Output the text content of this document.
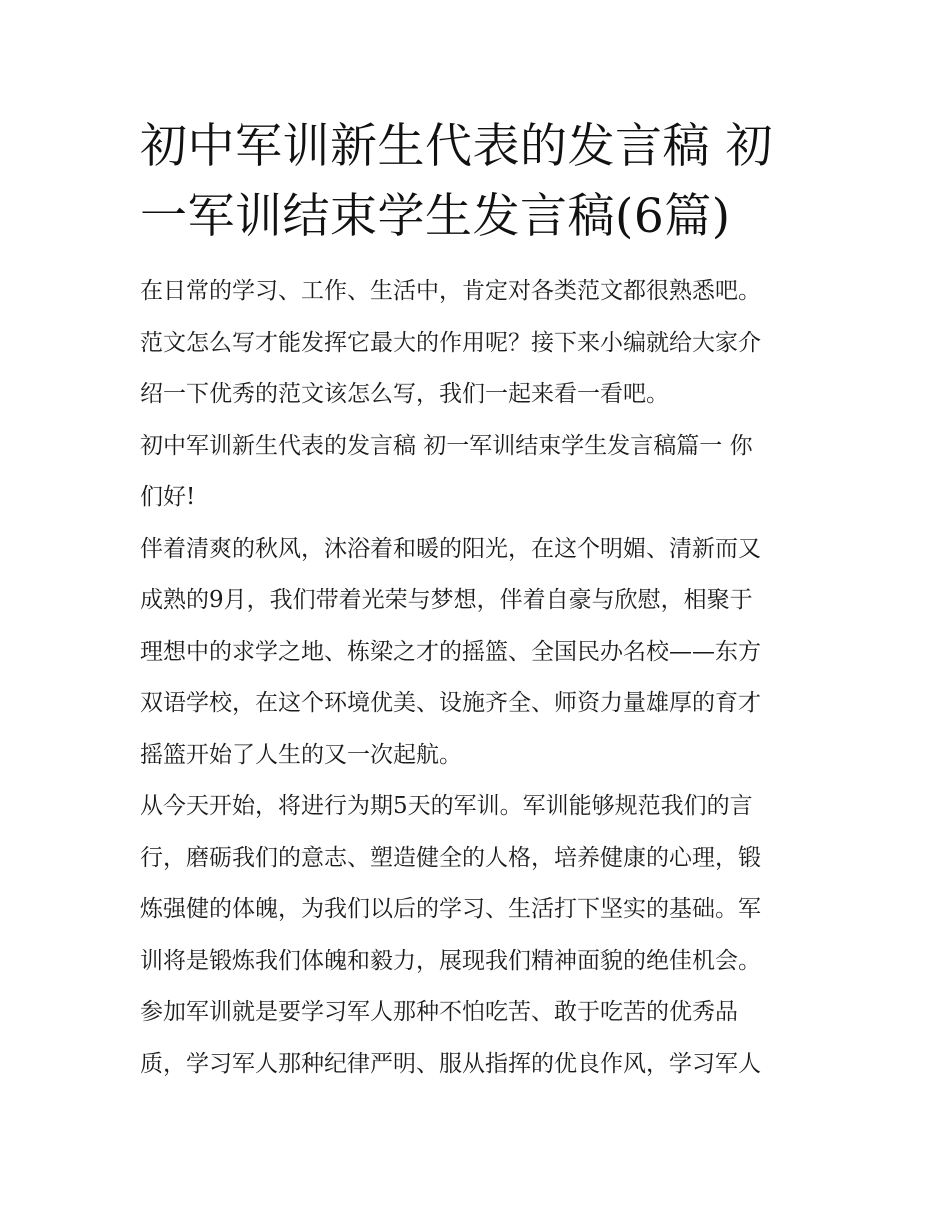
初中军训新生代表的发言稿 初
一军训结束学生发言稿(6篇)

在日常的学习、工作、生活中，肯定对各类范文都很熟悉吧。
范文怎么写才能发挥它最大的作用呢？接下来小编就给大家介
绍一下优秀的范文该怎么写，我们一起来看一看吧。

初中军训新生代表的发言稿 初一军训结束学生发言稿篇一 你
们好!

伴着清爽的秋风，沐浴着和暖的阳光，在这个明媚、清新而又
成熟的9月，我们带着光荣与梦想，伴着自豪与欣慰，相聚于
理想中的求学之地、栋梁之才的摇篮、全国民办名校——东方
双语学校，在这个环境优美、设施齐全、师资力量雄厚的育才
摇篮开始了人生的又一次起航。

从今天开始，将进行为期5天的军训。军训能够规范我们的言
行，磨砺我们的意志、塑造健全的人格，培养健康的心理，锻
炼强健的体魄，为我们以后的学习、生活打下坚实的基础。军
训将是锻炼我们体魄和毅力，展现我们精神面貌的绝佳机会。
参加军训就是要学习军人那种不怕吃苦、敢于吃苦的优秀品
质，学习军人那种纪律严明、服从指挥的优良作风，学习军人
